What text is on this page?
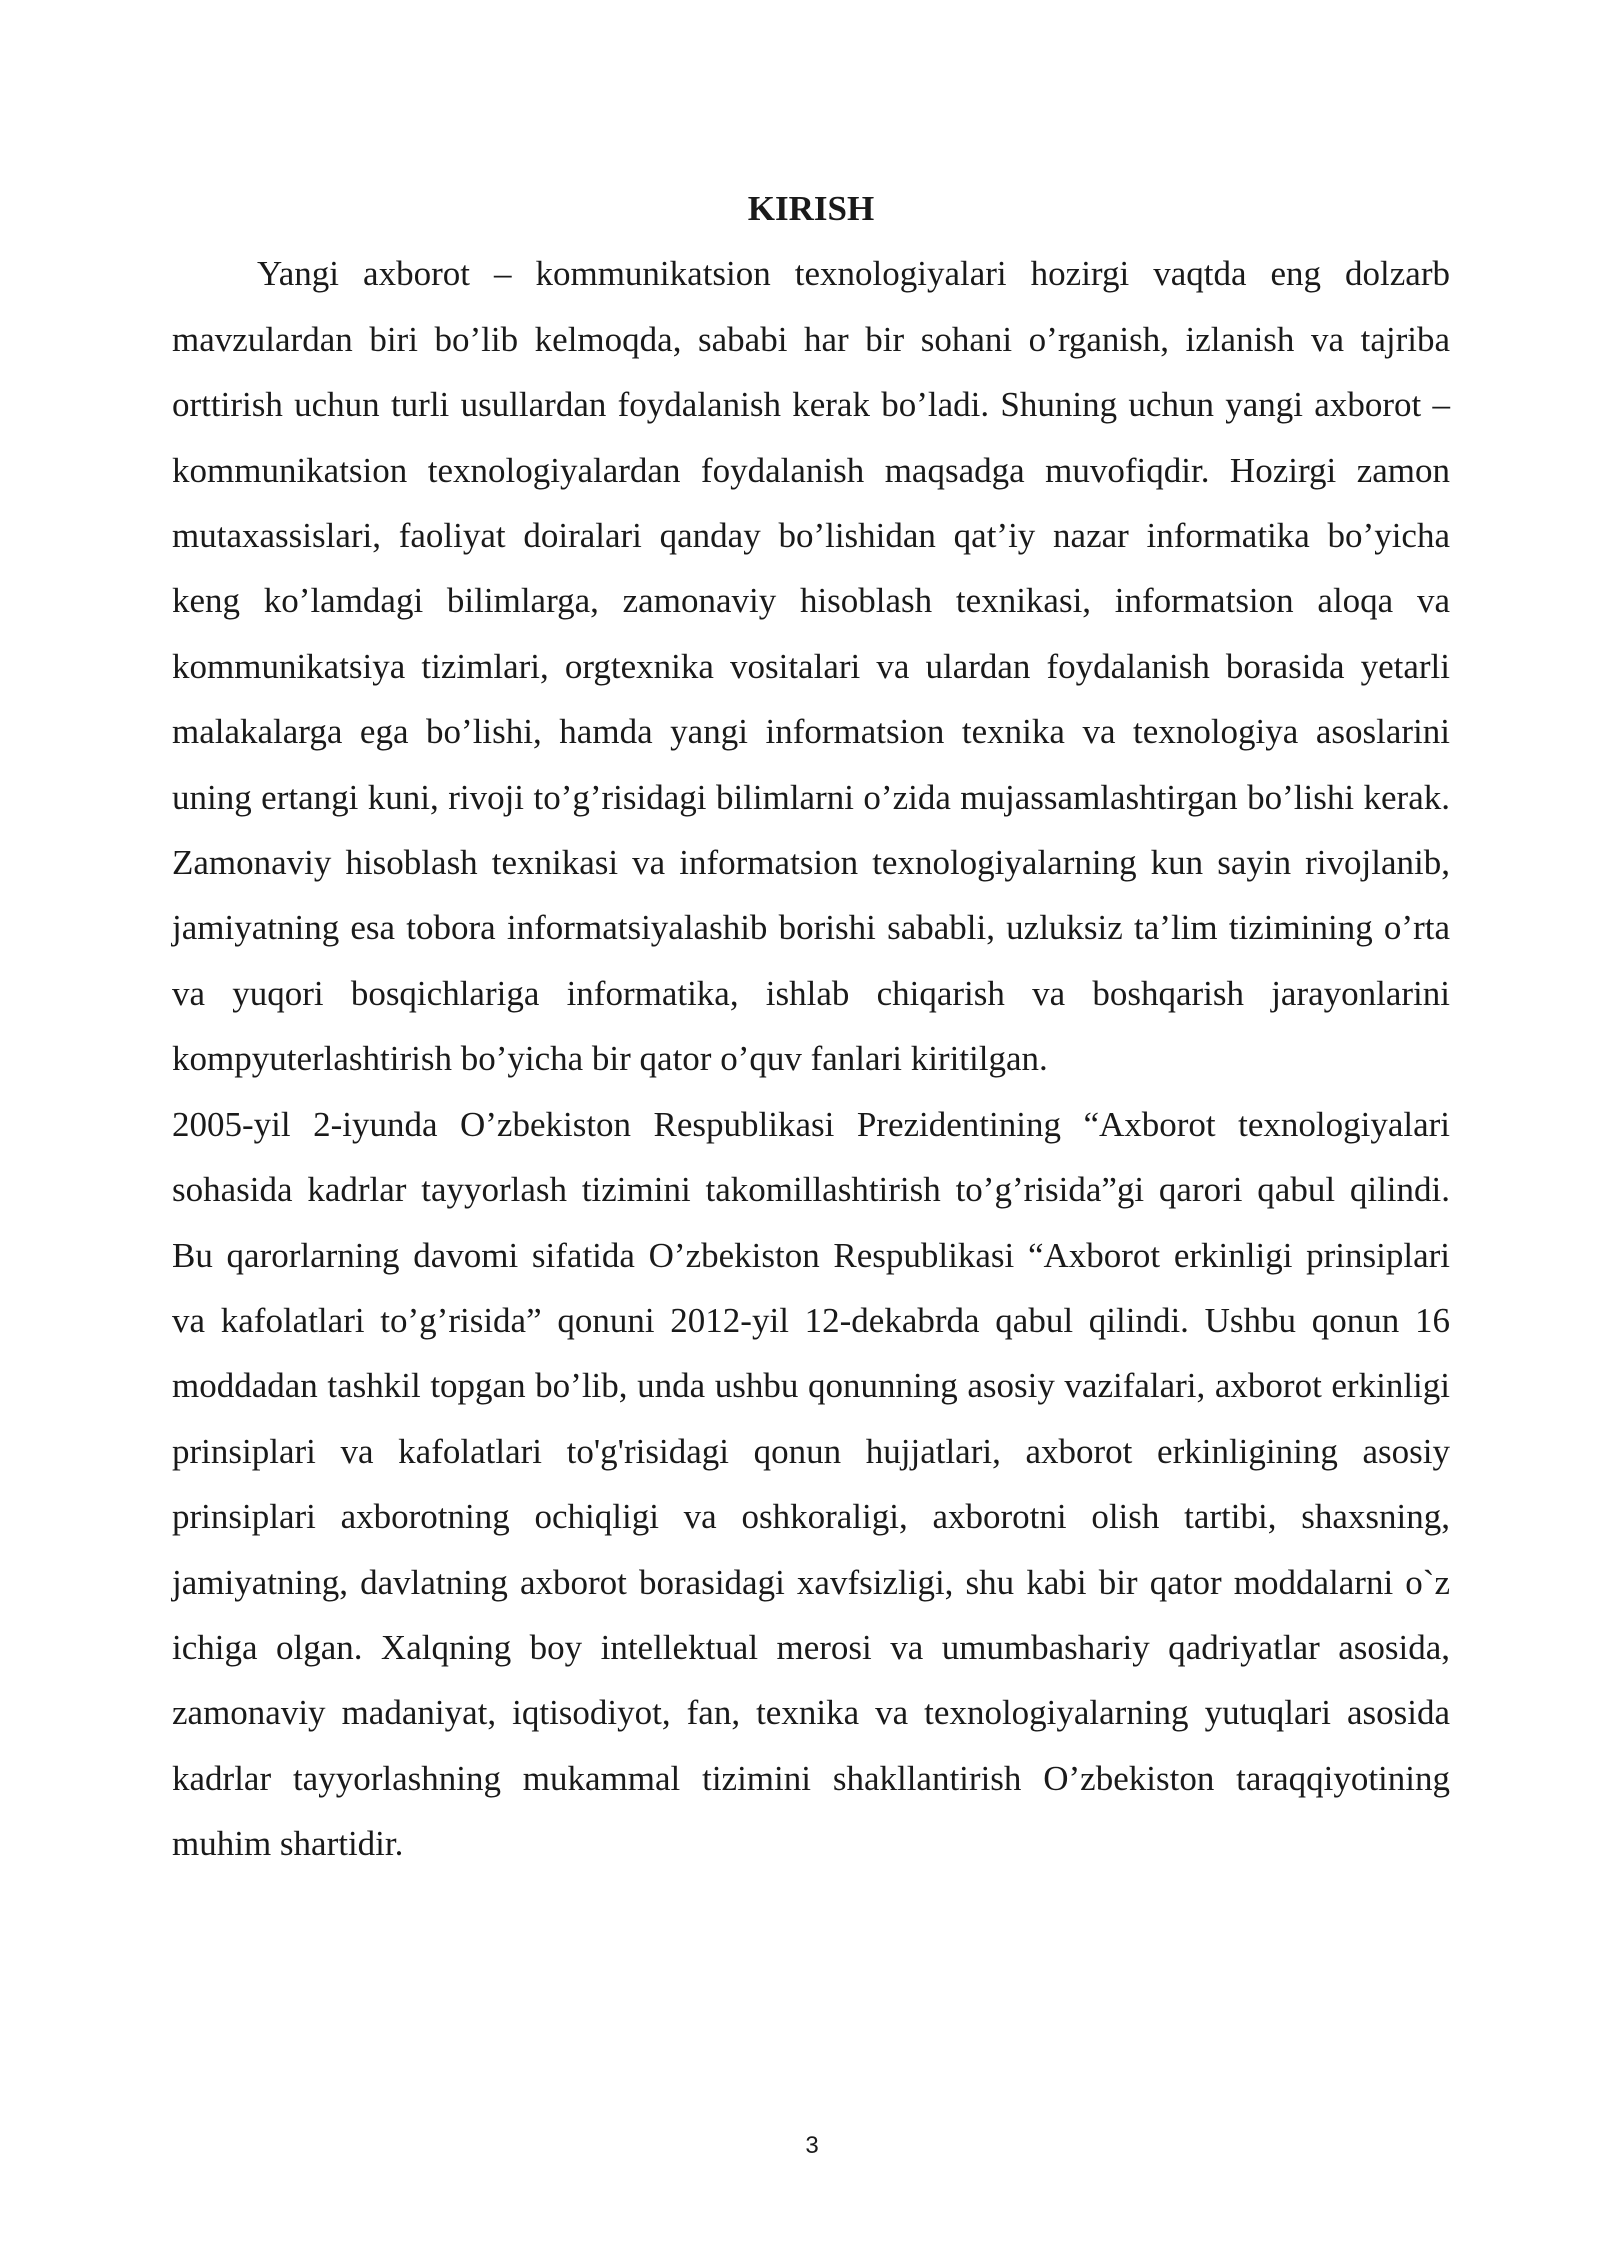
KIRISH

Yangi axborot – kommunikatsion texnologiyalari hozirgi vaqtda eng dolzarb mavzulardan biri bo’lib kelmoqda, sababi har bir sohani o’rganish, izlanish va tajriba orttirish uchun turli usullardan foydalanish kerak bo’ladi. Shuning uchun yangi axborot – kommunikatsion texnologiyalardan foydalanish maqsadga muvofiqdir. Hozirgi zamon mutaxassislari, faoliyat doiralari qanday bo’lishidan qat’iy nazar informatika bo’yicha keng ko’lamdagi bilimlarga, zamonaviy hisoblash texnikasi, informatsion aloqa va kommunikatsiya tizimlari, orgtexnika vositalari va ulardan foydalanish borasida yetarli malakalarga ega bo’lishi, hamda yangi informatsion texnika va texnologiya asoslarini uning ertangi kuni, rivoji to’g’risidagi bilimlarni o’zida mujassamlashtirgan bo’lishi kerak. Zamonaviy hisoblash texnikasi va informatsion texnologiyalarning kun sayin rivojlanib, jamiyatning esa tobora informatsiyalashib borishi sababli, uzluksiz ta’lim tizimining o’rta va yuqori bosqichlariga informatika, ishlab chiqarish va boshqarish jarayonlarini kompyuterlashtirish bo’yicha bir qator o’quv fanlari kiritilgan.

2005-yil 2-iyunda O’zbekiston Respublikasi Prezidentining “Axborot texnologiyalari sohasida kadrlar tayyorlash tizimini takomillashtirish to’g’risida”gi qarori qabul qilindi. Bu qarorlarning davomi sifatida O’zbekiston Respublikasi “Axborot erkinligi prinsiplari va kafolatlari to’g’risida” qonuni 2012-yil 12-dekabrda qabul qilindi. Ushbu qonun 16 moddadan tashkil topgan bo’lib, unda ushbu qonunning asosiy vazifalari, axborot erkinligi prinsiplari va kafolatlari to'g'risidagi qonun hujjatlari, axborot erkinligining asosiy prinsiplari axborotning ochiqligi va oshkoraligi, axborotni olish tartibi, shaxsning, jamiyatning, davlatning axborot borasidagi xavfsizligi, shu kabi bir qator moddalarni o`z ichiga olgan. Xalqning boy intellektual merosi va umumbashariy qadriyatlar asosida, zamonaviy madaniyat, iqtisodiyot, fan, texnika va texnologiyalarning yutuqlari asosida kadrlar tayyorlashning mukammal tizimini shakllantirish O’zbekiston taraqqiyotining muhim shartidir.

3
